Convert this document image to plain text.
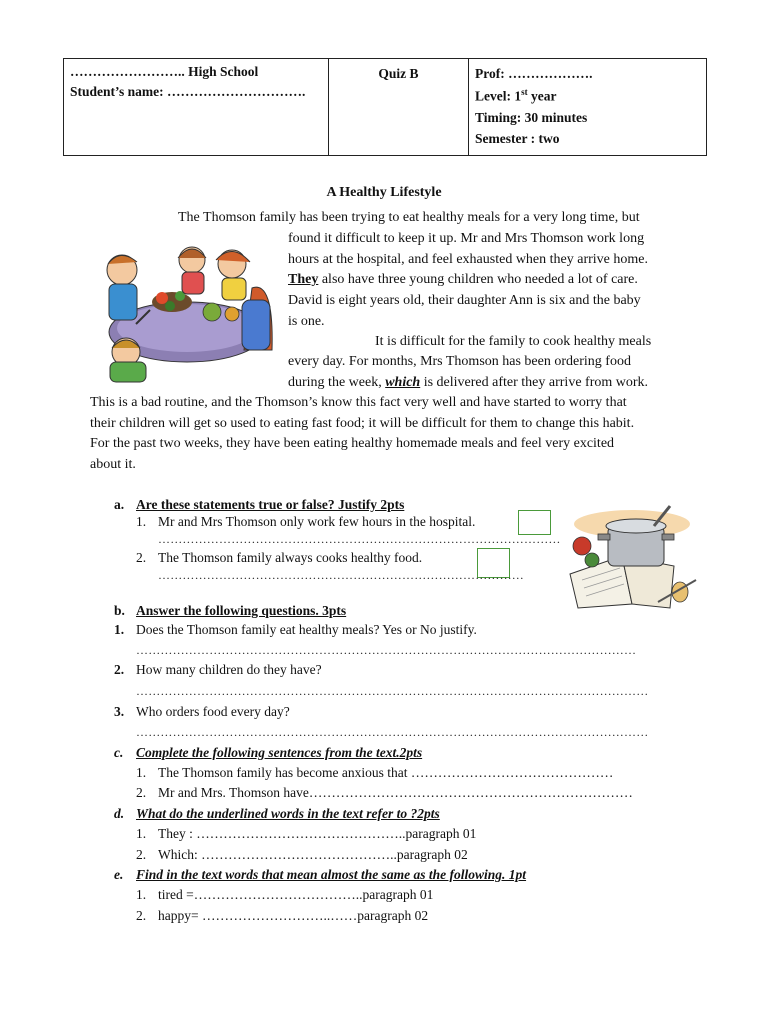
…………………….. High School
Student’s name: ………………………….
Quiz B	Prof: ……………….
Level: 1st year
Timing: 30 minutes
Semester : two
A Healthy Lifestyle
The Thomson family has been trying to eat healthy meals for a very long time, but
found it difficult to keep it up. Mr and Mrs Thomson work long
hours at the hospital, and feel exhausted when they arrive home.
They also have three young children who needed a lot of care.
David is eight years old, their daughter Ann is six and the baby
is one.
It is difficult for the family to cook healthy meals
every day. For months, Mrs Thomson has been ordering food
during the week, which is delivered after they arrive from work.
This is a bad routine, and the Thomson’s know this fact very well and have started to worry that
their children will get so used to eating fast food; it will be difficult for them to change this habit.
For the past two weeks, they have been eating healthy homemade meals and feel very excited
about it.
a. Are these statements true or false? Justify 2pts
1. Mr and Mrs Thomson only work few hours in the hospital.
………………………………………………………………………………………
2. The Thomson family always cooks healthy food.
………………………………………………………………………………
b. Answer the following questions. 3pts
1. Does the Thomson family eat healthy meals? Yes or No justify.
……………………………………………………………………………………………………………
2. How many children do they have?
………………………………………………………………………………………………………………
3. Who orders food every day?
………………………………………………………………………………………………………………
c. Complete the following sentences from the text.2pts
1. The Thomson family has become anxious that ………………………………………
2. Mr and Mrs. Thomson have………………………………………………………………
d. What do the underlined words in the text refer to ?2pts
1. They : ………………………………………..paragraph 01
2. Which: ……………………………………..paragraph 02
e. Find in the text words that mean almost the same as the following. 1pt
1. tired =………………………………..paragraph 01
2. happy= ………………………..……paragraph 02
